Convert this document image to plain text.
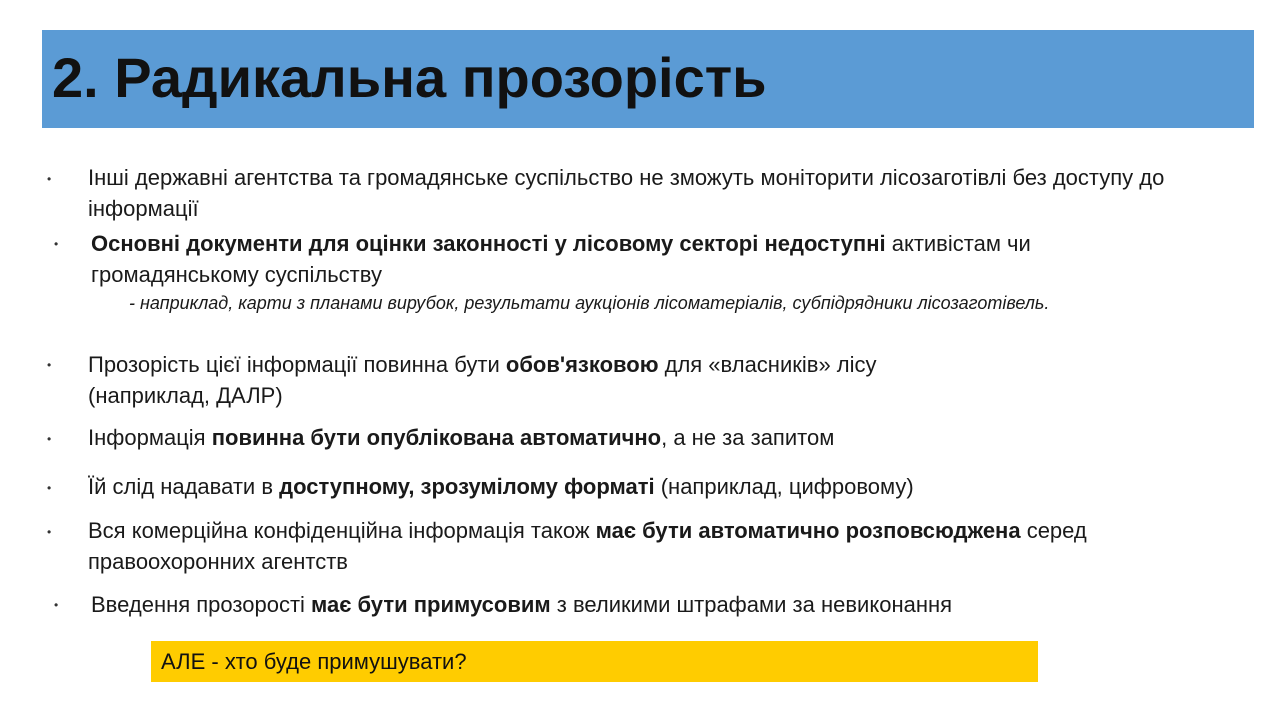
2. Радикальна прозорість
• Інші державні агентства та громадянське суспільство не зможуть моніторити лісозаготівлі без доступу до інформації
• Основні документи для оцінки законності у лісовому секторі недоступні активістам чи громадянському суспільству
- наприклад, карти з планами вирубок, результати аукціонів лісоматеріалів, субпідрядники лісозаготівель.
• Прозорість цієї інформації повинна бути обов'язковою для «власників» лісу (наприклад, ДАЛР)
• Інформація повинна бути опублікована автоматично, а не за запитом
• Їй слід надавати в доступному, зрозумілому форматі (наприклад, цифровому)
• Вся комерційна конфіденційна інформація також має бути автоматично розповсюджена серед правоохоронних агентств
• Введення прозорості має бути примусовим з великими штрафами за невиконання
АЛЕ - хто буде примушувати?
